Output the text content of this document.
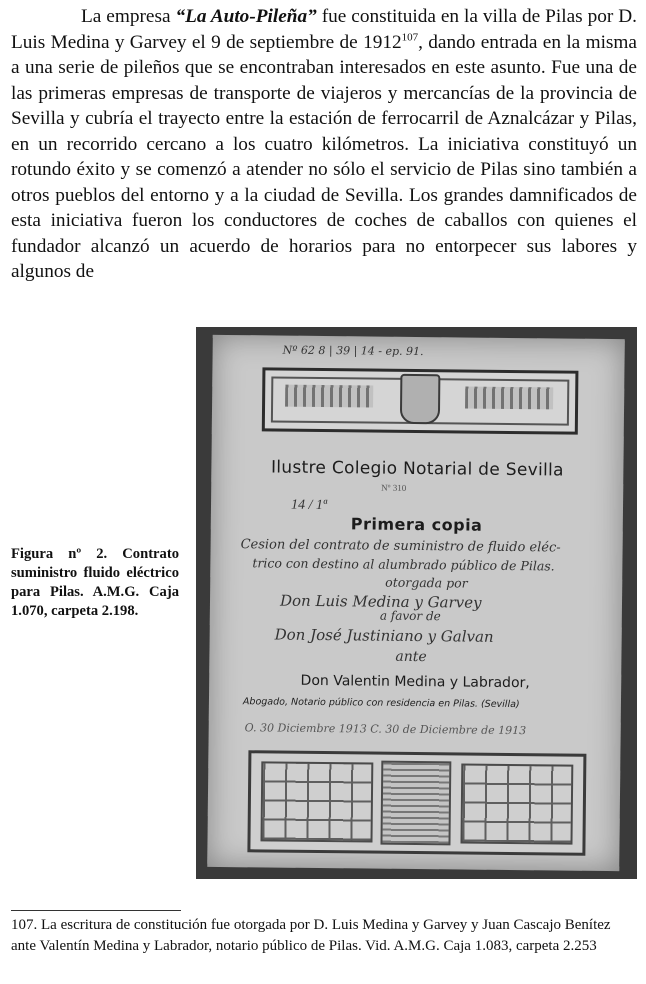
La empresa “La Auto-Pileña” fue constituida en la villa de Pilas por D. Luis Medina y Garvey el 9 de septiembre de 1912$^{107}$, dando entrada en la misma a una serie de pileños que se encontraban interesados en este asunto. Fue una de las primeras empresas de transporte de viajeros y mercancías de la provincia de Sevilla y cubría el trayecto entre la estación de ferrocarril de Aznalcázar y Pilas, en un recorrido cercano a los cuatro kilómetros. La iniciativa constituyó un rotundo éxito y se comenzó a atender no sólo el servicio de Pilas sino también a otros pueblos del entorno y a la ciudad de Sevilla. Los grandes damnificados de esta iniciativa fueron los conductores de coches de caballos con quienes el fundador alcanzó un acuerdo de horarios para no entorpecer sus labores y algunos de

Figura nº 2. Contrato suministro fluido eléctrico para Pilas. A.M.G. Caja 1.070, carpeta 2.198.

Nº 62 8 | 39 | 14 - ep. 91.
Ilustre Colegio Notarial de Sevilla
Nº 310
14 / 1ª
Primera copia
Cesion del contrato de suministro de fluido eléc-
trico con destino al alumbrado público de Pilas.
otorgada por
Don Luis Medina y Garvey
a favor de
Don José Justiniano y Galvan
ante
Don Valentin Medina y Labrador,
Abogado, Notario público con residencia en Pilas. (Sevilla)
O. 30 Diciembre 1913 C. 30 de Diciembre de 1913

107. La escritura de constitución fue otorgada por D. Luis Medina y Garvey y Juan Cascajo Benítez ante Valentín Medina y Labrador, notario público de Pilas. Vid. A.M.G. Caja 1.083, carpeta 2.253
